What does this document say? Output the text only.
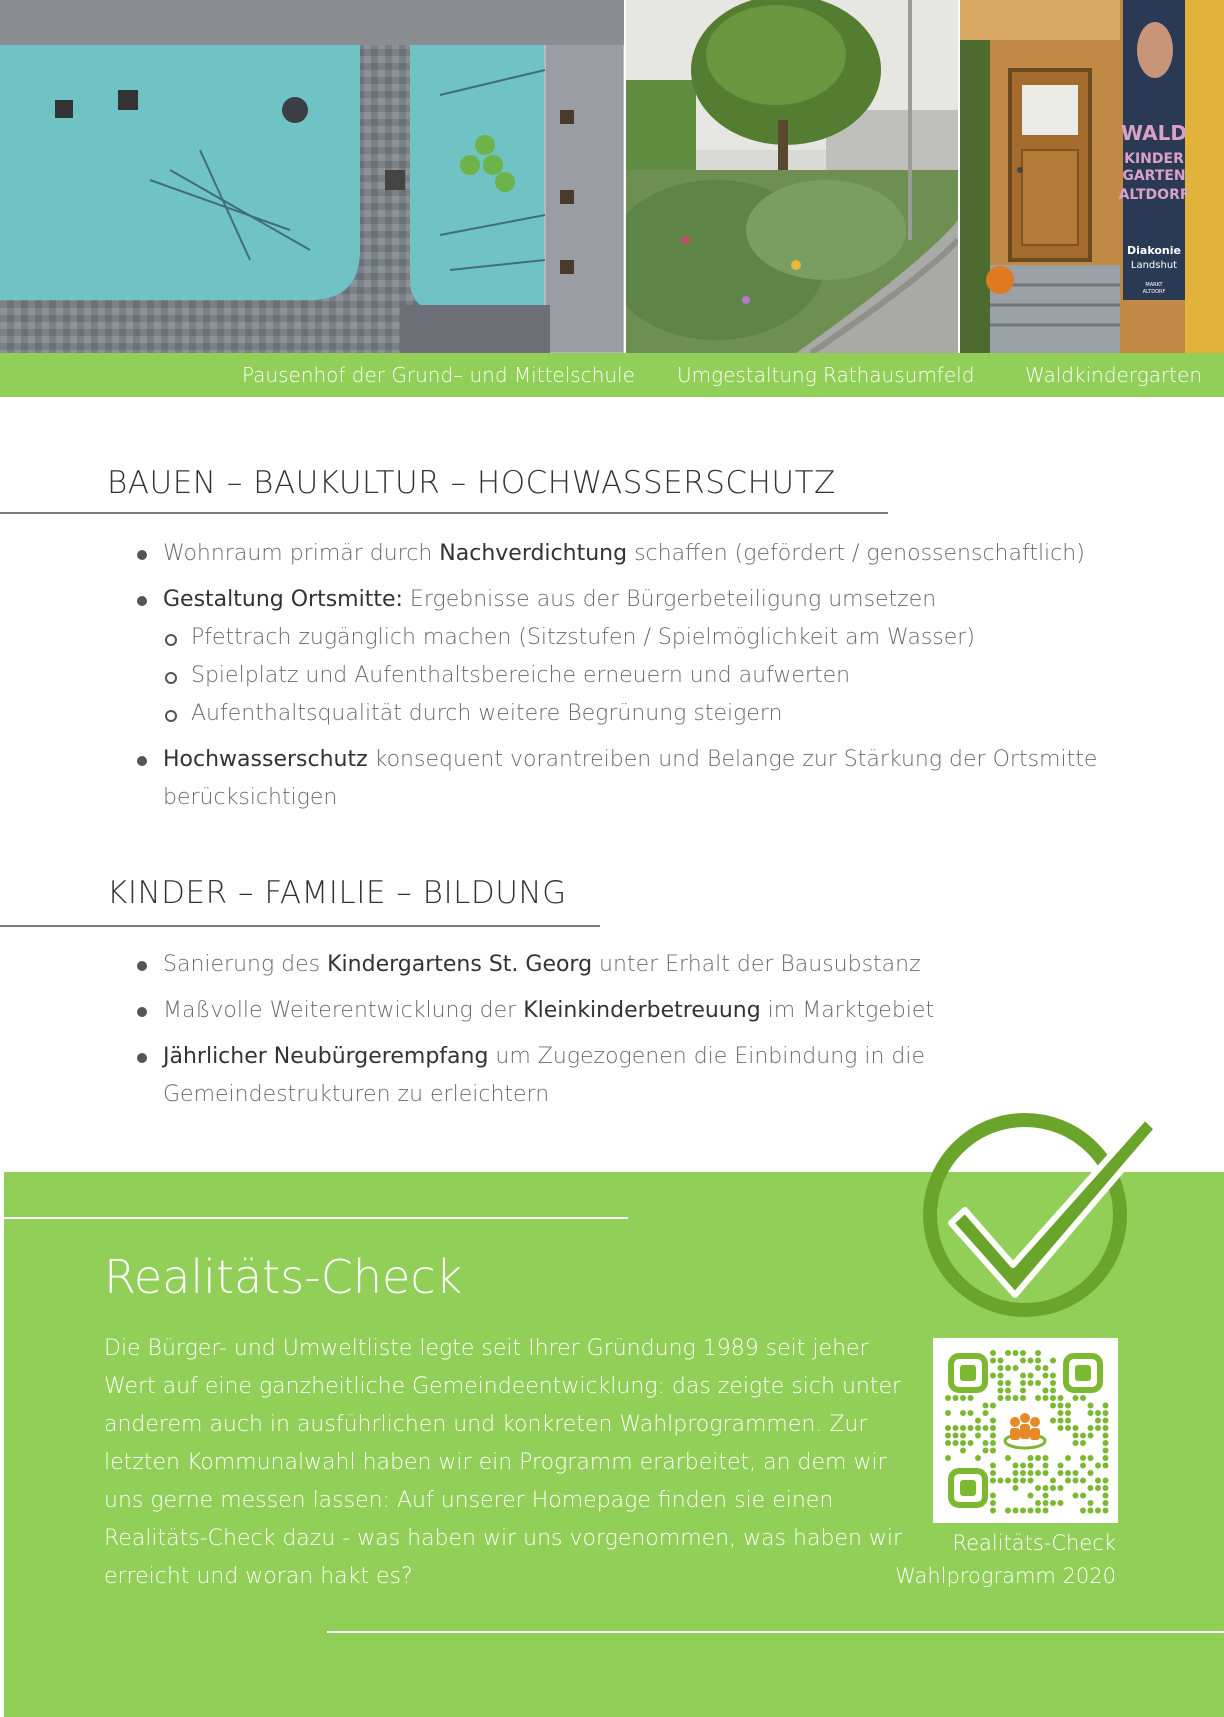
WALD
KINDER
GARTEN
ALTDORF
Diakonie
Landshut
MARKT
ALTDORF
Pausenhof der Grund– und Mittelschule Umgestaltung Rathausumfeld	Waldkindergarten
BAUEN – BAUKULTUR – HOCHWASSERSCHUTZ
Wohnraum primär durch Nachverdichtung schaffen (gefördert / genossenschaftlich)
Gestaltung Ortsmitte: Ergebnisse aus der Bürgerbeteiligung umsetzen
Pfettrach zugänglich machen (Sitzstufen / Spielmöglichkeit am Wasser)
Spielplatz und Aufenthaltsbereiche erneuern und aufwerten
Aufenthaltsqualität durch weitere Begrünung steigern
Hochwasserschutz konsequent vorantreiben und Belange zur Stärkung der Ortsmitte berücksichtigen
KINDER – FAMILIE – BILDUNG
Sanierung des Kindergartens St. Georg unter Erhalt der Bausubstanz
Maßvolle Weiterentwicklung der Kleinkinderbetreuung im Marktgebiet
Jährlicher Neubürgerempfang um Zugezogenen die Einbindung in die Gemeindestrukturen zu erleichtern
Realitäts-Check

Die Bürger- und Umweltliste legte seit Ihrer Gründung 1989 seit jeher Wert auf eine ganzheitliche Gemeindeentwicklung: das zeigte sich unter anderem auch in ausführlichen und konkreten Wahlprogrammen. Zur letzten Kommunalwahl haben wir ein Programm erarbeitet, an dem wir uns gerne messen lassen: Auf unserer Homepage finden sie einen Realitäts-Check dazu - was haben wir uns vorgenommen, was haben wir erreicht und woran hakt es?

Realitäts-Check
Wahlprogramm 2020
